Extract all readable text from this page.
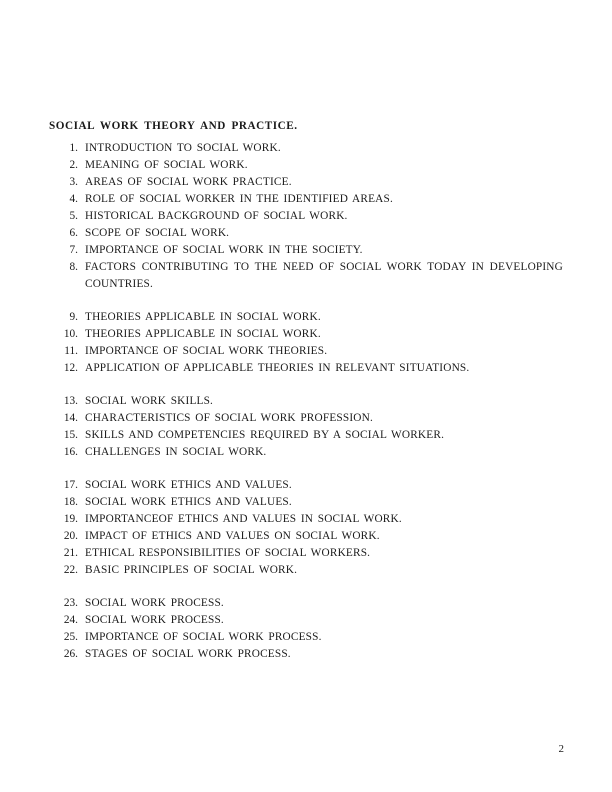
SOCIAL WORK THEORY AND PRACTICE.
1. INTRODUCTION TO SOCIAL WORK.
2. MEANING OF SOCIAL WORK.
3. AREAS OF SOCIAL WORK PRACTICE.
4. ROLE OF SOCIAL WORKER IN THE IDENTIFIED AREAS.
5. HISTORICAL BACKGROUND OF SOCIAL WORK.
6. SCOPE OF SOCIAL WORK.
7. IMPORTANCE OF SOCIAL WORK IN THE SOCIETY.
8. FACTORS CONTRIBUTING TO THE NEED OF SOCIAL WORK TODAY IN DEVELOPING COUNTRIES.
9. THEORIES APPLICABLE IN SOCIAL WORK.
10. THEORIES APPLICABLE IN SOCIAL WORK.
11. IMPORTANCE OF SOCIAL WORK THEORIES.
12. APPLICATION OF APPLICABLE THEORIES IN RELEVANT SITUATIONS.
13. SOCIAL WORK SKILLS.
14. CHARACTERISTICS OF SOCIAL WORK PROFESSION.
15. SKILLS AND COMPETENCIES REQUIRED BY A SOCIAL WORKER.
16. CHALLENGES IN SOCIAL WORK.
17. SOCIAL WORK ETHICS AND VALUES.
18. SOCIAL WORK ETHICS AND VALUES.
19. IMPORTANCEOF ETHICS AND VALUES IN SOCIAL WORK.
20. IMPACT OF ETHICS AND VALUES ON SOCIAL WORK.
21. ETHICAL RESPONSIBILITIES OF SOCIAL WORKERS.
22. BASIC PRINCIPLES OF SOCIAL WORK.
23. SOCIAL WORK PROCESS.
24. SOCIAL WORK PROCESS.
25. IMPORTANCE OF SOCIAL WORK PROCESS.
26. STAGES OF SOCIAL WORK PROCESS.
2
